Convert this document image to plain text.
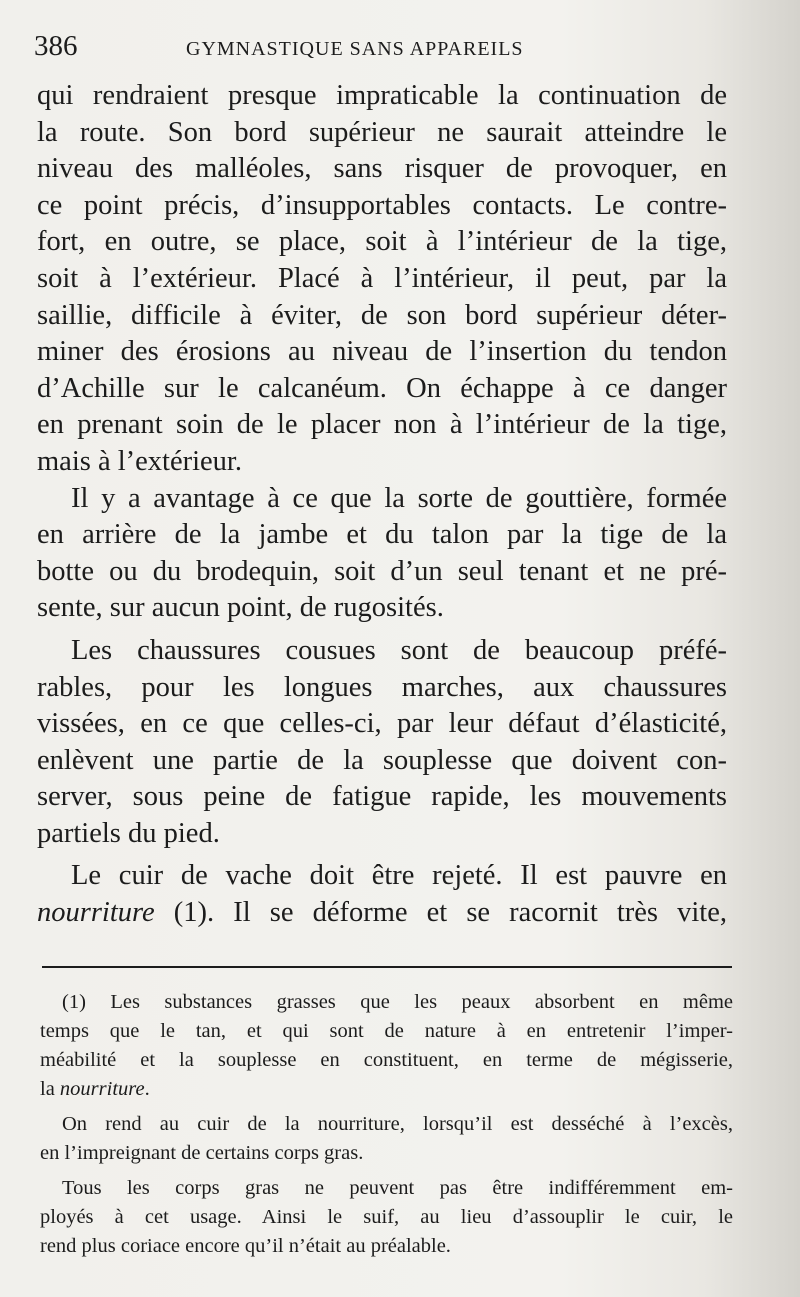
386	GYMNASTIQUE SANS APPAREILS
qui rendraient presque impraticable la continuation de
la route. Son bord supérieur ne saurait atteindre le
niveau des malléoles, sans risquer de provoquer, en
ce point précis, d’insupportables contacts. Le contre-
fort, en outre, se place, soit à l’intérieur de la tige,
soit à l’extérieur. Placé à l’intérieur, il peut, par la
saillie, difficile à éviter, de son bord supérieur déter-
miner des érosions au niveau de l’insertion du tendon
d’Achille sur le calcanéum. On échappe à ce danger
en prenant soin de le placer non à l’intérieur de la tige,
mais à l’extérieur.
Il y a avantage à ce que la sorte de gouttière, formée
en arrière de la jambe et du talon par la tige de la
botte ou du brodequin, soit d’un seul tenant et ne pré-
sente, sur aucun point, de rugosités.
Les chaussures cousues sont de beaucoup préfé-
rables, pour les longues marches, aux chaussures
vissées, en ce que celles-ci, par leur défaut d’élasticité,
enlèvent une partie de la souplesse que doivent con-
server, sous peine de fatigue rapide, les mouvements
partiels du pied.
Le cuir de vache doit être rejeté. Il est pauvre en
nourriture (1). Il se déforme et se racornit très vite,
(1) Les substances grasses que les peaux absorbent en même
temps que le tan, et qui sont de nature à en entretenir l’imper-
méabilité et la souplesse en constituent, en terme de mégisserie,
la nourriture.
On rend au cuir de la nourriture, lorsqu’il est desséché à l’excès,
en l’impreignant de certains corps gras.
Tous les corps gras ne peuvent pas être indifféremment em-
ployés à cet usage. Ainsi le suif, au lieu d’assouplir le cuir, le
rend plus coriace encore qu’il n’était au préalable.
